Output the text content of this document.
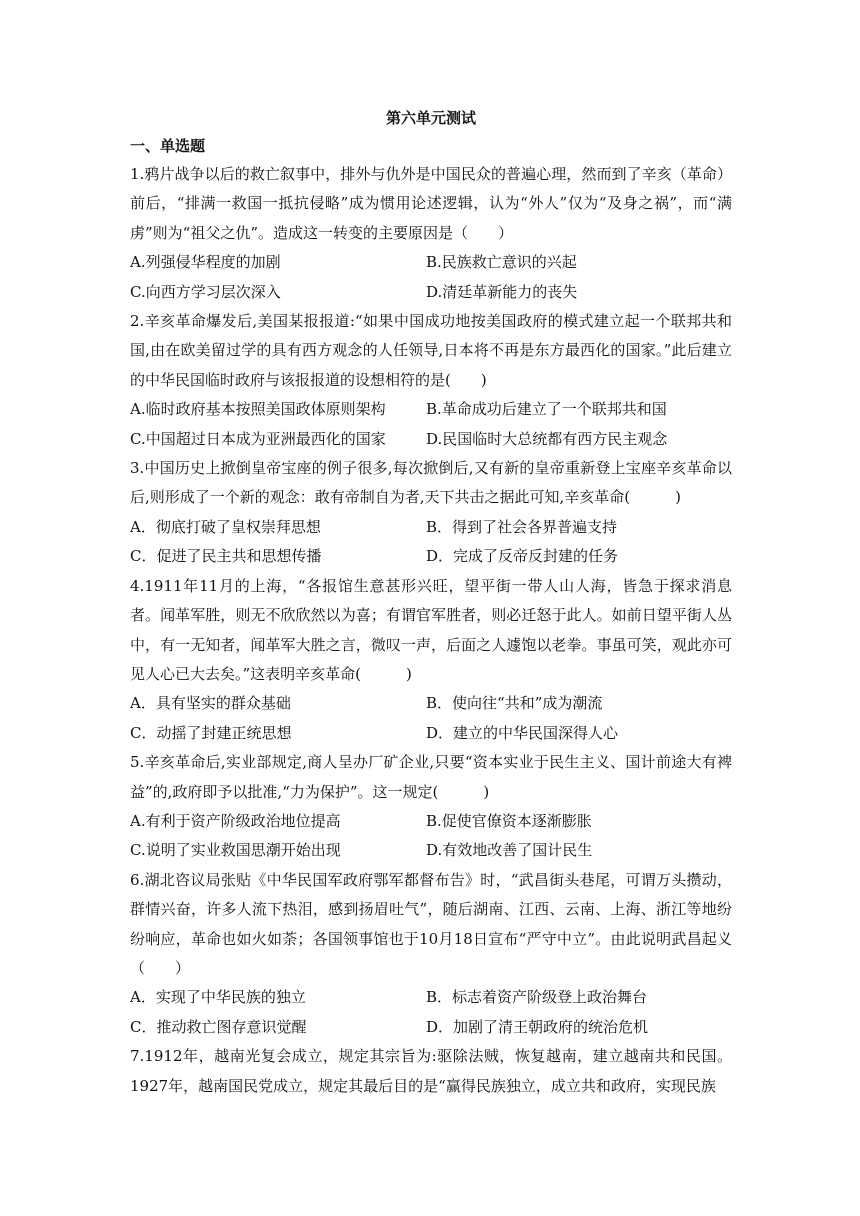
第六单元测试
一、单选题

1.鸦片战争以后的救亡叙事中，排外与仇外是中国民众的普遍心理，然而到了辛亥（革命）前后，“排满一救国一抵抗侵略”成为惯用论述逻辑，认为“外人”仅为“及身之祸”，而“满虏”则为“祖父之仇”。造成这一转变的主要原因是（　　）

A.列强侵华程度的加剧	B.民族救亡意识的兴起
C.向西方学习层次深入	D.清廷革新能力的丧失

2.辛亥革命爆发后,美国某报报道:“如果中国成功地按美国政府的模式建立起一个联邦共和国,由在欧美留过学的具有西方观念的人任领导,日本将不再是东方最西化的国家。”此后建立的中华民国临时政府与该报报道的设想相符的是(　　)

A.临时政府基本按照美国政体原则架构	B.革命成功后建立了一个联邦共和国
C.中国超过日本成为亚洲最西化的国家	D.民国临时大总统都有西方民主观念

3.中国历史上掀倒皇帝宝座的例子很多,每次掀倒后,又有新的皇帝重新登上宝座辛亥革命以后,则形成了一个新的观念：敢有帝制自为者,天下共击之据此可知,辛亥革命(　　　)

A．彻底打破了皇权崇拜思想	B．得到了社会各界普遍支持
C．促进了民主共和思想传播	D．完成了反帝反封建的任务

4.1911年11月的上海，“各报馆生意甚形兴旺，望平街一带人山人海，皆急于探求消息者。闻革军胜，则无不欣欣然以为喜；有谓官军胜者，则必迁怒于此人。如前日望平街人丛中，有一无知者，闻革军大胜之言，微叹一声，后面之人遽饱以老拳。事虽可笑，观此亦可见人心已大去矣。”这表明辛亥革命(　　　)

A．具有坚实的群众基础	B．使向往“共和”成为潮流
C．动摇了封建正统思想	D．建立的中华民国深得人心

5.辛亥革命后,实业部规定,商人呈办厂矿企业,只要“资本实业于民生主义、国计前途大有裨益”的,政府即予以批准,“力为保护”。这一规定(　　　)

A.有利于资产阶级政治地位提高	B.促使官僚资本逐渐膨胀
C.说明了实业救国思潮开始出现	D.有效地改善了国计民生

6.湖北咨议局张贴《中华民国军政府鄂军都督布告》时，“武昌街头巷尾，可谓万头攒动，群情兴奋，许多人流下热泪，感到扬眉吐气”，随后湖南、江西、云南、上海、浙江等地纷纷响应，革命也如火如荼；各国领事馆也于10月18日宣布“严守中立”。由此说明武昌起义（　　）

A．实现了中华民族的独立	B．标志着资产阶级登上政治舞台
C．推动救亡图存意识觉醒	D．加剧了清王朝政府的统治危机

7.1912年，越南光复会成立，规定其宗旨为:驱除法贼，恢复越南，建立越南共和民国。1927年，越南国民党成立，规定其最后目的是“赢得民族独立，成立共和政府，实现民族
